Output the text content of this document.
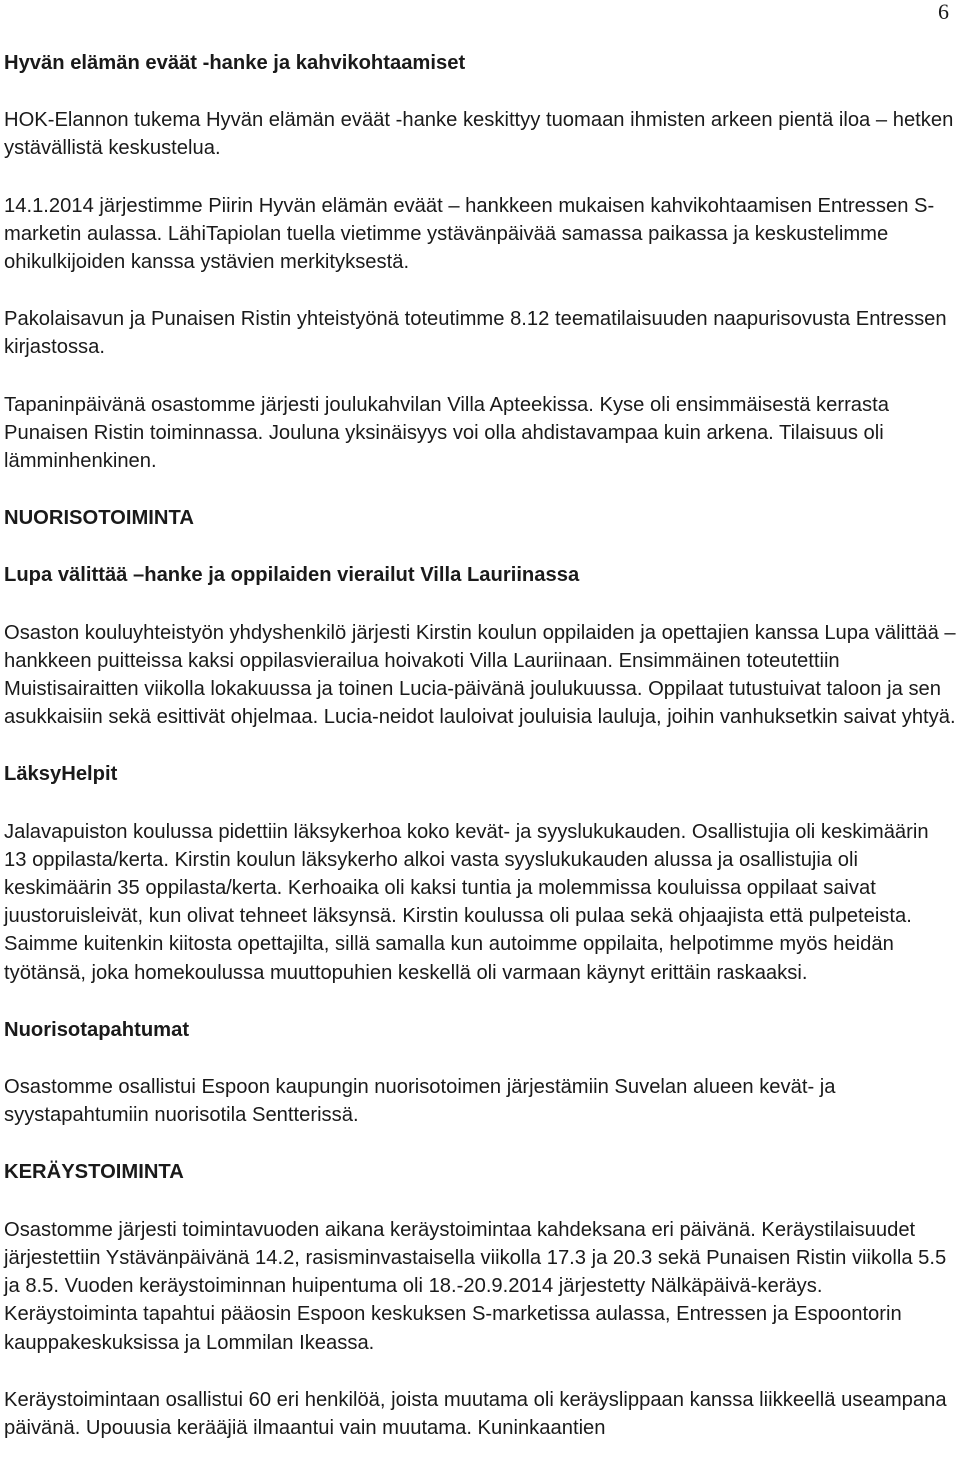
6

Hyvän elämän eväät -hanke ja kahvikohtaamiset

HOK-Elannon tukema Hyvän elämän eväät -hanke keskittyy tuomaan ihmisten arkeen pientä iloa – hetken ystävällistä keskustelua.

14.1.2014 järjestimme Piirin Hyvän elämän eväät – hankkeen mukaisen kahvikohtaamisen Entressen S-marketin aulassa. LähiTapiolan tuella vietimme ystävänpäivää samassa paikassa ja keskustelimme ohikulkijoiden kanssa ystävien merkityksestä.

Pakolaisavun ja Punaisen Ristin yhteistyönä toteutimme 8.12 teematilaisuuden naapurisovusta Entressen kirjastossa.

Tapaninpäivänä osastomme järjesti joulukahvilan Villa Apteekissa. Kyse oli ensimmäisestä kerrasta Punaisen Ristin toiminnassa. Jouluna yksinäisyys voi olla ahdistavampaa kuin arkena. Tilaisuus oli lämminhenkinen.

NUORISOTOIMINTA

Lupa välittää –hanke ja oppilaiden vierailut Villa Lauriinassa

Osaston kouluyhteistyön yhdyshenkilö järjesti Kirstin koulun oppilaiden ja opettajien kanssa Lupa välittää –hankkeen puitteissa kaksi oppilasvierailua hoivakoti Villa Lauriinaan. Ensimmäinen toteutettiin Muistisairaitten viikolla lokakuussa ja toinen Lucia-päivänä joulukuussa. Oppilaat tutustuivat taloon ja sen asukkaisiin sekä esittivät ohjelmaa. Lucia-neidot lauloivat jouluisia lauluja, joihin vanhuksetkin saivat yhtyä.

LäksyHelpit

Jalavapuiston koulussa pidettiin läksykerhoa koko kevät- ja syyslukukauden. Osallistujia oli keskimäärin 13 oppilasta/kerta. Kirstin koulun läksykerho alkoi vasta syyslukukauden alussa ja osallistujia oli keskimäärin 35 oppilasta/kerta. Kerhoaika oli kaksi tuntia ja molemmissa kouluissa oppilaat saivat juustoruisleivät, kun olivat tehneet läksynsä. Kirstin koulussa oli pulaa sekä ohjaajista että pulpeteista. Saimme kuitenkin kiitosta opettajilta, sillä samalla kun autoimme oppilaita, helpotimme myös heidän työtänsä, joka homekoulussa muuttopuhien keskellä oli varmaan käynyt erittäin raskaaksi.

Nuorisotapahtumat

Osastomme osallistui Espoon kaupungin nuorisotoimen järjestämiin Suvelan alueen kevät- ja syystapahtumiin nuorisotila Sentterissä.

KERÄYSTOIMINTA

Osastomme järjesti toimintavuoden aikana keräystoimintaa kahdeksana eri päivänä. Keräystilaisuudet järjestettiin Ystävänpäivänä 14.2, rasisminvastaisella viikolla 17.3 ja 20.3 sekä Punaisen Ristin viikolla 5.5 ja 8.5. Vuoden keräystoiminnan huipentuma oli 18.-20.9.2014 järjestetty Nälkäpäivä-keräys. Keräystoiminta tapahtui pääosin Espoon keskuksen S-marketissa aulassa, Entressen ja Espoontorin kauppakeskuksissa ja Lommilan Ikeassa.

Keräystoimintaan osallistui 60 eri henkilöä, joista muutama oli keräyslippaan kanssa liikkeellä useampana päivänä. Upouusia kerääjiä ilmaantui vain muutama. Kuninkaantien
